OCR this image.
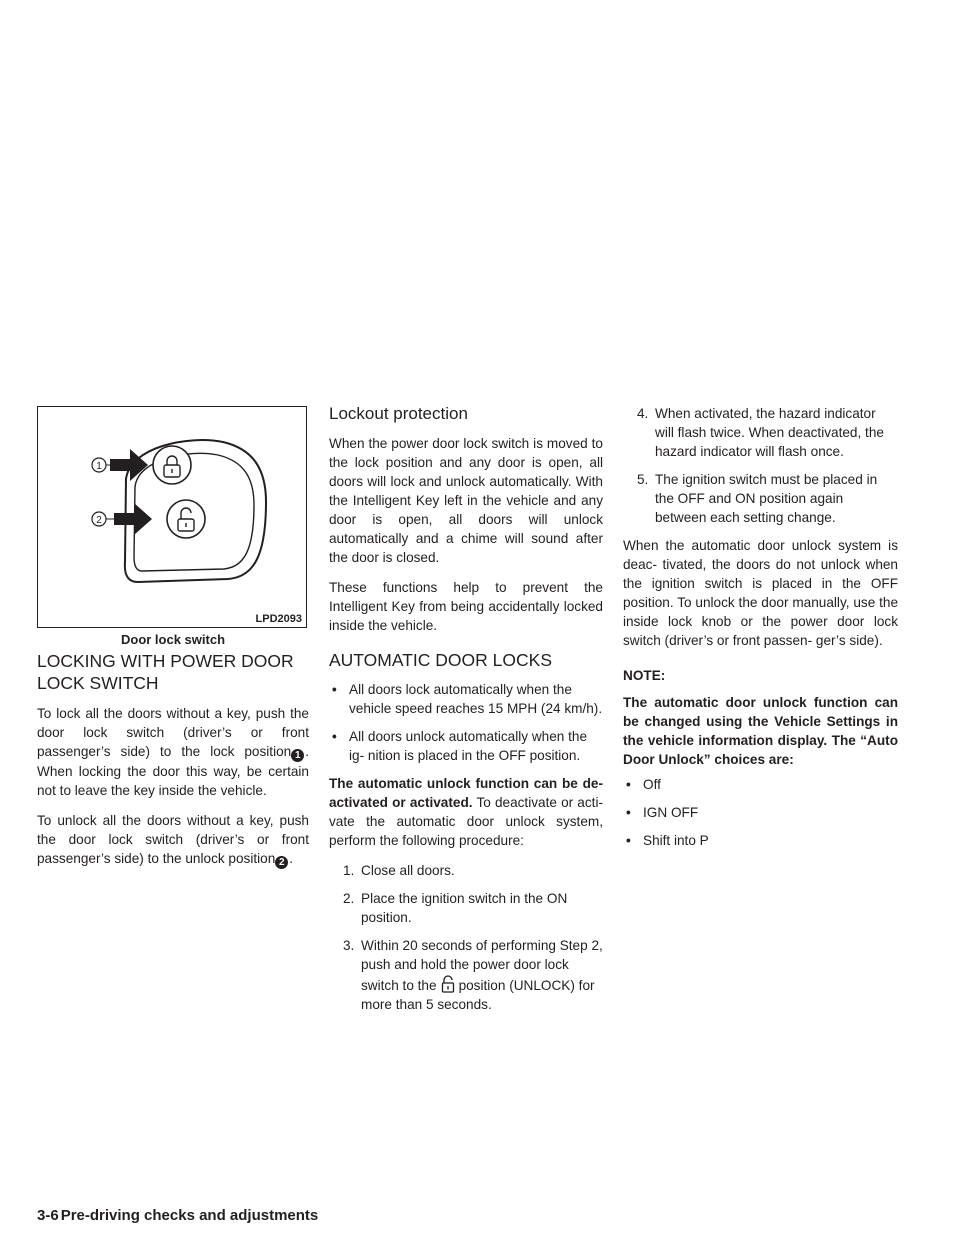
1
2
LPD2093
Door lock switch
LOCKING WITH POWER DOOR
LOCK SWITCH

To lock all the doors without a key, push the door lock switch (driver’s or front passenger’s side) to the lock position 1 . When locking the door this way, be certain not to leave the key inside the vehicle.

To unlock all the doors without a key, push the door lock switch (driver’s or front passenger’s side) to the unlock position 2 .

Lockout protection

When the power door lock switch is moved to the lock position and any door is open, all doors will lock and unlock automatically. With the Intelligent Key left in the vehicle and any door is open, all doors will unlock automatically and a chime will sound after the door is closed.

These functions help to prevent the Intelligent Key from being accidentally locked inside the vehicle.

AUTOMATIC DOOR LOCKS
• All doors lock automatically when the vehicle speed reaches 15 MPH (24 km/h).
• All doors unlock automatically when the ig- nition is placed in the OFF position.

The automatic unlock function can be de- activated or activated. To deactivate or acti- vate the automatic door unlock system, perform the following procedure:

1. Close all doors.
2. Place the ignition switch in the ON position.
3. Within 20 seconds of performing Step 2, push and hold the power door lock switch to the position (UNLOCK) for more than 5 seconds.
4. When activated, the hazard indicator will flash twice. When deactivated, the hazard indicator will flash once.
5. The ignition switch must be placed in the OFF and ON position again between each setting change.

When the automatic door unlock system is deac- tivated, the doors do not unlock when the ignition switch is placed in the OFF position. To unlock the door manually, use the inside lock knob or the power door lock switch (driver’s or front passen- ger’s side).

NOTE:

The automatic door unlock function can be changed using the Vehicle Settings in the vehicle information display. The “Auto Door Unlock” choices are:

• Off
• IGN OFF
• Shift into P
3-6 Pre-driving checks and adjustments
